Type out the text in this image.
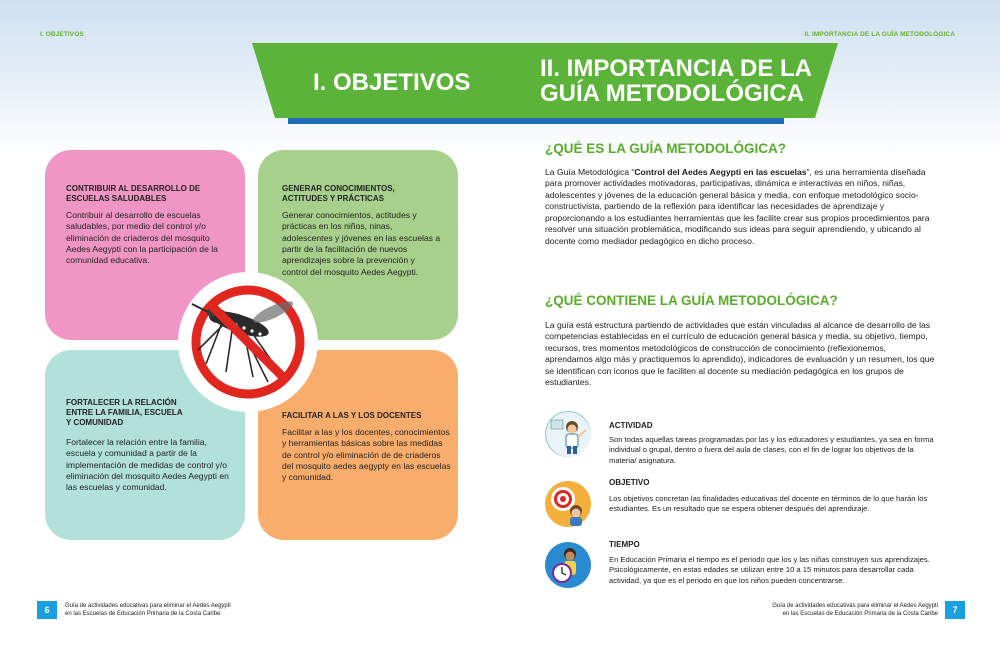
I. OBJETIVOS	II. IMPORTANCIA DE LA GUÍA METODOLÓGICA
I. OBJETIVOS
II. IMPORTANCIA DE LA
GUÍA METODOLÓGICA
CONTRIBUIR AL DESARROLLO DE
ESCUELAS SALUDABLES
Contribuir al desarrollo de escuelas saludables, por medio del control y/o eliminación de criaderos del mosquito Aedes Aegypti con la participación de la comunidad educativa.
GENERAR CONOCIMIENTOS,
ACTITUDES Y PRÁCTICAS
Generar conocimientos, actitudes y prácticas en los niños, ninas, adolescentes y jóvenes en las escuelas a partir de la facilitación de nuevos aprendizajes sobre la prevención y control del mosquito Aedes Aegypti.
FORTALECER LA RELACIÓN
ENTRE LA FAMILIA, ESCUELA
Y COMUNIDAD
Fortalecer la relación entre la familia, escuela y comunidad a partir de la implementación de medidas de control y/o eliminación del mosquito Aedes Aegypti en las escuelas y comunidad.
FACILITAR A LAS Y LOS DOCENTES
Facilitar a las y los docentes, conocimientos y herramientas básicas sobre las medidas de control y/o eliminación de de criaderos del mosquito aedes aegypty en las escuelas y comunidad.
¿QUÉ ES LA GUÍA METODOLÓGICA?
La Guía Metodológica “Control del Aedes Aegypti en las escuelas”, es una herramienta diseñada para promover actividades motivadoras, participativas, dinámica e interactivas en niños, niñas, adolescentes y jóvenes de la educación general básica y media, con enfoque metodológico socio-constructivista, partiendo de la reflexión para identificar las necesidades de aprendizaje y proporcionando a los estudiantes herramientas que les facilite crear sus propios procedimientos para resolver una situación problemática, modificando sus ideas para seguir aprendiendo, y ubicando al docente como mediador pedagógico en dicho proceso.
¿QUÉ CONTIENE LA GUÍA METODOLÓGICA?
La guía está estructura partiendo de actividades que están vinculadas al alcance de desarrollo de las competencias establecidas en el currículo de educación general básica y media, su objetivo, tiempo, recursos, tres momentos metodológicos de construcción de conocimiento (reflexionemos, aprendamos algo más y practiquemos lo aprendido), indicadores de evaluación y un resumen, los que se identifican con iconos que le faciliten al docente su mediación pedagógica en los grupos de estudiantes.
ACTIVIDAD
Son todas aquellas tareas programadas por las y los educadores y estudiantes, ya sea en forma individual o grupal, dentro o fuera del aula de clases, con el fin de lograr los objetivos de la materia/ asignatura.
OBJETIVO
Los objetivos concretan las finalidades educativas del docente en términos de lo que harán los estudiantes. Es un resultado que se espera obtener después del aprendizaje.
TIEMPO
En Educación Primaria el tiempo es el periodo que los y las niñas construyen sus aprendizajes. Psicológicamente, en estas edades se utilizan entre 10 a 15 minutos para desarrollar cada actividad, ya que es el periodo en que los niños pueden concentrarse.
6	Guía de actividades educativas para eliminar el Aedes Aegypti
en las Escuelas de Educación Primaria de la Costa Caribe
Guía de actividades educativas para eliminar el Aedes Aegypti
en las Escuelas de Educación Primaria de la Costa Caribe	7
